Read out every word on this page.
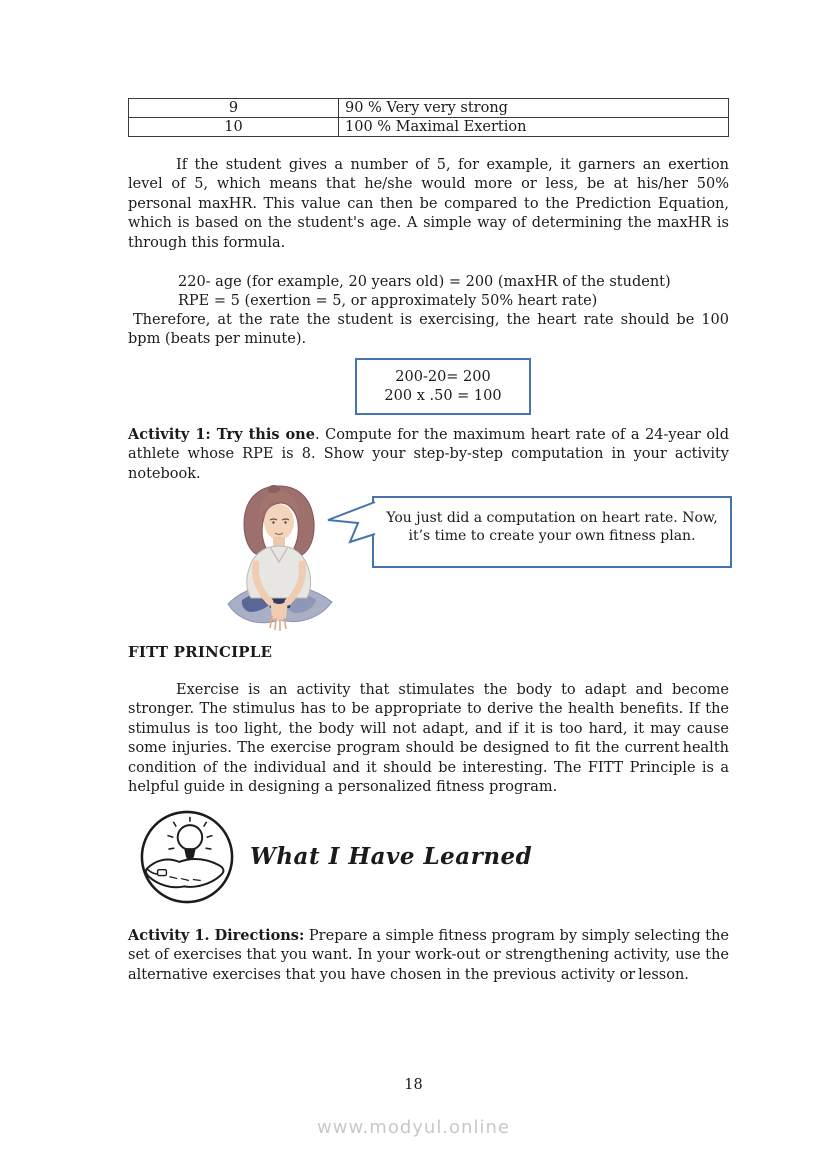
9	90 % Very very strong
10	100 % Maximal Exertion
If the student gives a number of 5, for example, it garners an exertion level of 5, which means that he/she would more or less, be at his/her 50% personal maxHR. This value can then be compared to the Prediction Equation, which is based on the student's age. A simple way of determining the maxHR is through this formula.
220- age (for example, 20 years old) = 200 (maxHR of the student)
RPE = 5 (exertion = 5, or approximately 50% heart rate)
Therefore, at the rate the student is exercising, the heart rate should be 100 bpm (beats per minute).
200-20= 200
200 x .50 = 100
Activity 1: Try this one. Compute for the maximum heart rate of a 24-year old athlete whose RPE is 8. Show your step-by-step computation in your activity notebook.
You just did a computation on heart rate. Now,
it’s time to create your own fitness plan.
FITT PRINCIPLE
Exercise is an activity that stimulates the body to adapt and become stronger. The stimulus has to be appropriate to derive the health benefits. If the stimulus is too light, the body will not adapt, and if it is too hard, it may cause some injuries. The exercise program should be designed to fit the current health condition of the individual and it should be interesting. The FITT Principle is a helpful guide in designing a personalized fitness program.
What I Have Learned
Activity 1. Directions: Prepare a simple fitness program by simply selecting the set of exercises that you want. In your work-out or strengthening activity, use the alternative exercises that you have chosen in the previous activity or lesson.
18
www.modyul.online
